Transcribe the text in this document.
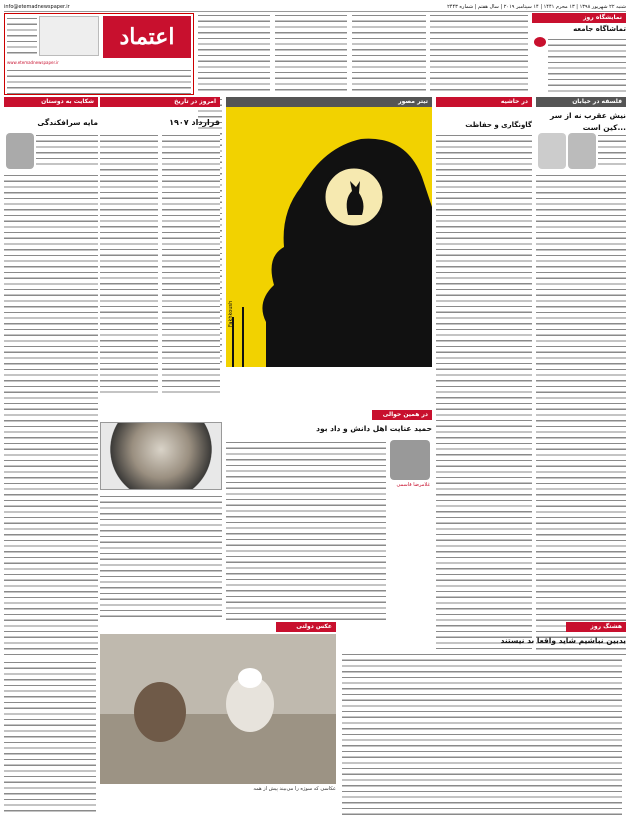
info@etemadnewspaper.ir	شنبه ۲۲ شهریور ۱۳۹۸ | ۱۳ محرم ۱۴۴۱ | ۱۴ سپتامبر ۲۰۱۹ | سال هفتم | شماره ۲۴۴۳
اعتماد
www.etemadnewspaper.ir
نمایشگاه روز
تماشاگاه جامعه
فلسفه در خیابان
نیش عقرب نه از سر کین است...
در حاشیه
گاونگاری و حفاظت
تیتر مصور
Fakhkoush
امروز در تاریخ
قرارداد ۱۹۰۷
شکایت به دوستان
مایه سرافکندگی
در همین حوالی
حمید عنایت اهل دانش و داد بود
غلامرضا قاسمی
هشتگ روز
بدبین نباشیم شاید واقعا بد نیستند
عکس دولتی
عکاسی که سوژه را می‌بیند پیش از همه
